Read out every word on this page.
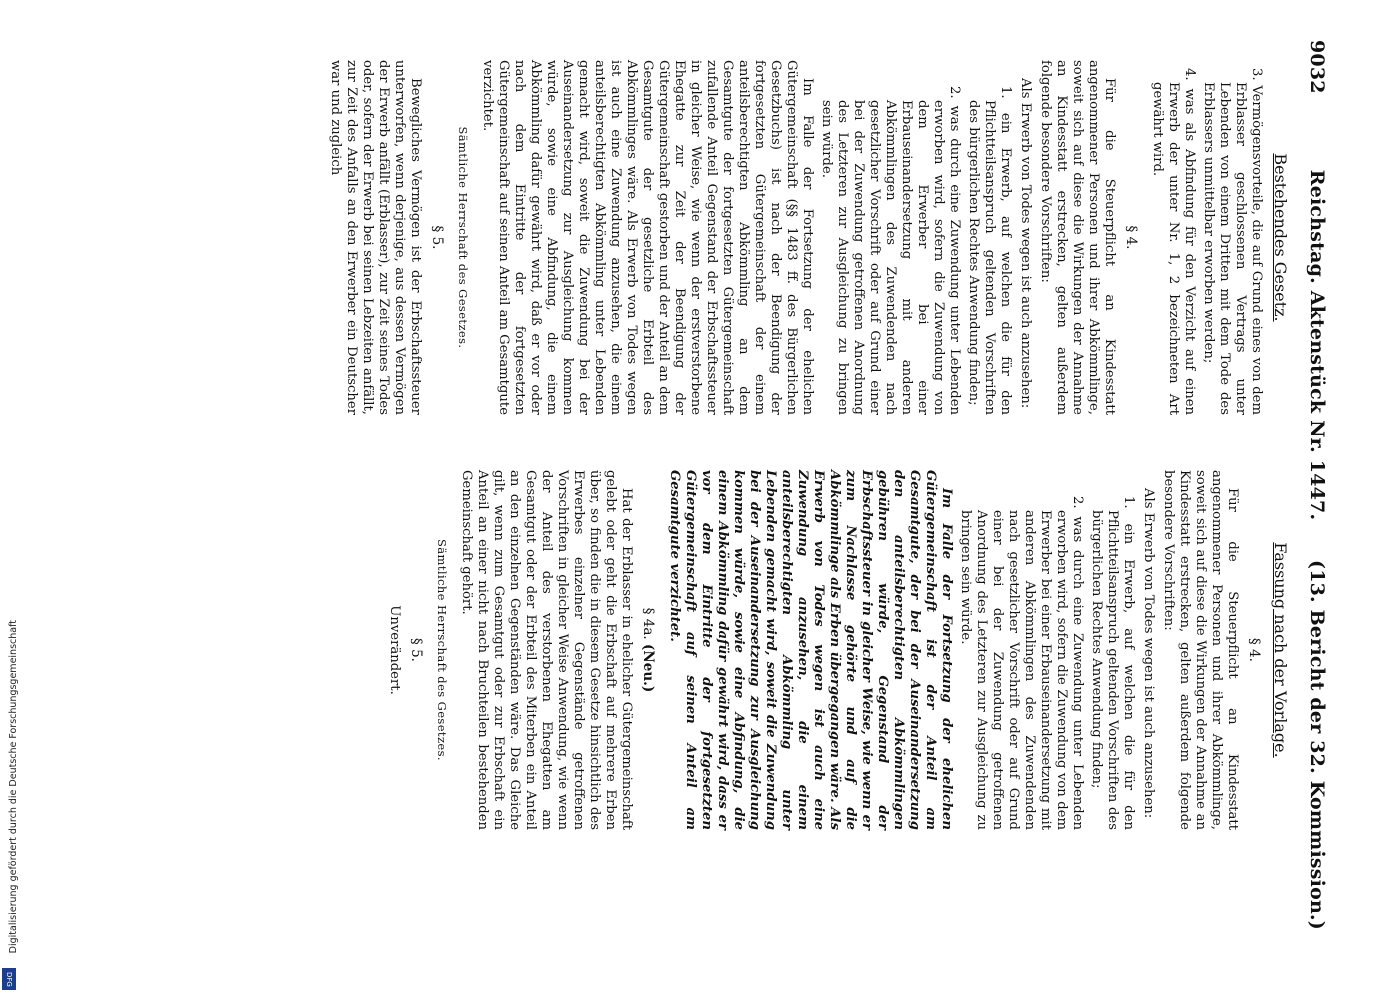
9032
Reichstag. Aktenstück Nr. 1447.
(13. Bericht der 32. Kommission.)
Bestehendes Gesetz.
3. Vermögensvorteile, die auf Grund eines von dem Erblasser geschlossenen Vertrags unter Lebenden von einem Dritten mit dem Tode des Erblassers unmittelbar erworben werden;
4. was als Abfindung für den Verzicht auf einen Erwerb der unter Nr. 1, 2 bezeichneten Art gewährt wird.
§ 4.

Für die Steuerpflicht an Kindesstatt angenommener Personen und ihrer Abkömmlinge, soweit sich auf diese die Wirkungen der Annahme an Kindesstatt erstrecken, gelten außerdem folgende besondere Vorschriften:

Als Erwerb von Todes wegen ist auch anzusehen:

1. ein Erwerb, auf welchen die für den Pflichtteilsanspruch geltenden Vorschriften des bürgerlichen Rechtes Anwendung finden;
2. was durch eine Zuwendung unter Lebenden erworben wird, sofern die Zuwendung von dem Erwerber bei einer Erbauseinandersetzung mit anderen Abkömmlingen des Zuwendenden nach gesetzlicher Vorschrift oder auf Grund einer bei der Zuwendung getroffenen Anordnung des Letzteren zur Ausgleichung zu bringen sein würde.

Im Falle der Fortsetzung der ehelichen Gütergemeinschaft (§§ 1483 ff. des Bürgerlichen Gesetzbuchs) ist nach der Beendigung der fortgesetzten Gütergemeinschaft der einem anteilsberechtigten Abkömmling an dem Gesamtgute der fortgesetzten Gütergemeinschaft zufallende Anteil Gegenstand der Erbschaftssteuer in gleicher Weise, wie wenn der erstverstorbene Ehegatte zur Zeit der Beendigung der Gütergemeinschaft gestorben und der Anteil an dem Gesamtgute der gesetzliche Erbteil des Abkömmlinges wäre. Als Erwerb von Todes wegen ist auch eine Zuwendung anzusehen, die einem anteilsberechtigten Abkömmling unter Lebenden gemacht wird, soweit die Zuwendung bei der Auseinandersetzung zur Ausgleichung kommen würde, sowie eine Abfindung, die einem Abkömmling dafür gewährt wird, daß er vor oder nach dem Eintritte der fortgesetzten Gütergemeinschaft auf seinen Anteil am Gesamtgute verzichtet.

Sämtliche Herrschaft des Gesetzes.
§ 5.

Bewegliches Vermögen ist der Erbschaftssteuer unterworfen, wenn derjenige, aus dessen Vermögen der Erwerb anfällt (Erblasser), zur Zeit seines Todes oder, sofern der Erwerb bei seinen Lebzeiten anfällt, zur Zeit des Anfalls an den Erwerber ein Deutscher war und zugleich

Fassung nach der Vorlage.
§ 4.

Für die Steuerpflicht an Kindesstatt angenommener Personen und ihrer Abkömmlinge, soweit sich auf diese die Wirkungen der Annahme an Kindesstatt erstrecken, gelten außerdem folgende besondere Vorschriften:

Als Erwerb von Todes wegen ist auch anzusehen:

1. ein Erwerb, auf welchen die für den Pflichtteilsanspruch geltenden Vorschriften des bürgerlichen Rechtes Anwendung finden;
2. was durch eine Zuwendung unter Lebenden erworben wird, sofern die Zuwendung von dem Erwerber bei einer Erbauseinandersetzung mit anderen Abkömmlingen des Zuwendenden nach gesetzlicher Vorschrift oder auf Grund einer bei der Zuwendung getroffenen Anordnung des Letzteren zur Ausgleichung zu bringen sein würde.

Im Falle der Fortsetzung der ehelichen Gütergemeinschaft ist der Anteil am Gesamtgute, der bei der Auseinandersetzung den anteilsberechtigten Abkömmlingen gebühren würde, Gegenstand der Erbschaftssteuer in gleicher Weise, wie wenn er zum Nachlasse gehörte und auf die Abkömmlinge als Erben übergegangen wäre. Als Erwerb von Todes wegen ist auch eine Zuwendung anzusehen, die einem anteilsberechtigten Abkömmling unter Lebenden gemacht wird, soweit die Zuwendung bei der Auseinandersetzung zur Ausgleichung kommen würde, sowie eine Abfindung, die einem Abkömmling dafür gewährt wird, dass er vor dem Eintritte der fortgesetzten Gütergemeinschaft auf seinen Anteil am Gesamtgute verzichtet.

§ 4a. (Neu.)

Hat der Erblasser in ehelicher Gütergemeinschaft gelebt oder geht die Erbschaft auf mehrere Erben über, so finden die in diesem Gesetze hinsichtlich des Erwerbes einzelner Gegenstände getroffenen Vorschriften in gleicher Weise Anwendung, wie wenn der Anteil des verstorbenen Ehegatten am Gesamtgut oder der Erbteil des Miterben ein Anteil an den einzelnen Gegenständen wäre. Das Gleiche gilt, wenn zum Gesamtgut oder zur Erbschaft ein Anteil an einer nicht nach Bruchteilen bestehenden Gemeinschaft gehört.

Sämtliche Herrschaft des Gesetzes.
§ 5.
Unverändert.
Digitalisierung gefördert durch die Deutsche Forschungsgemeinschaft
DFG
